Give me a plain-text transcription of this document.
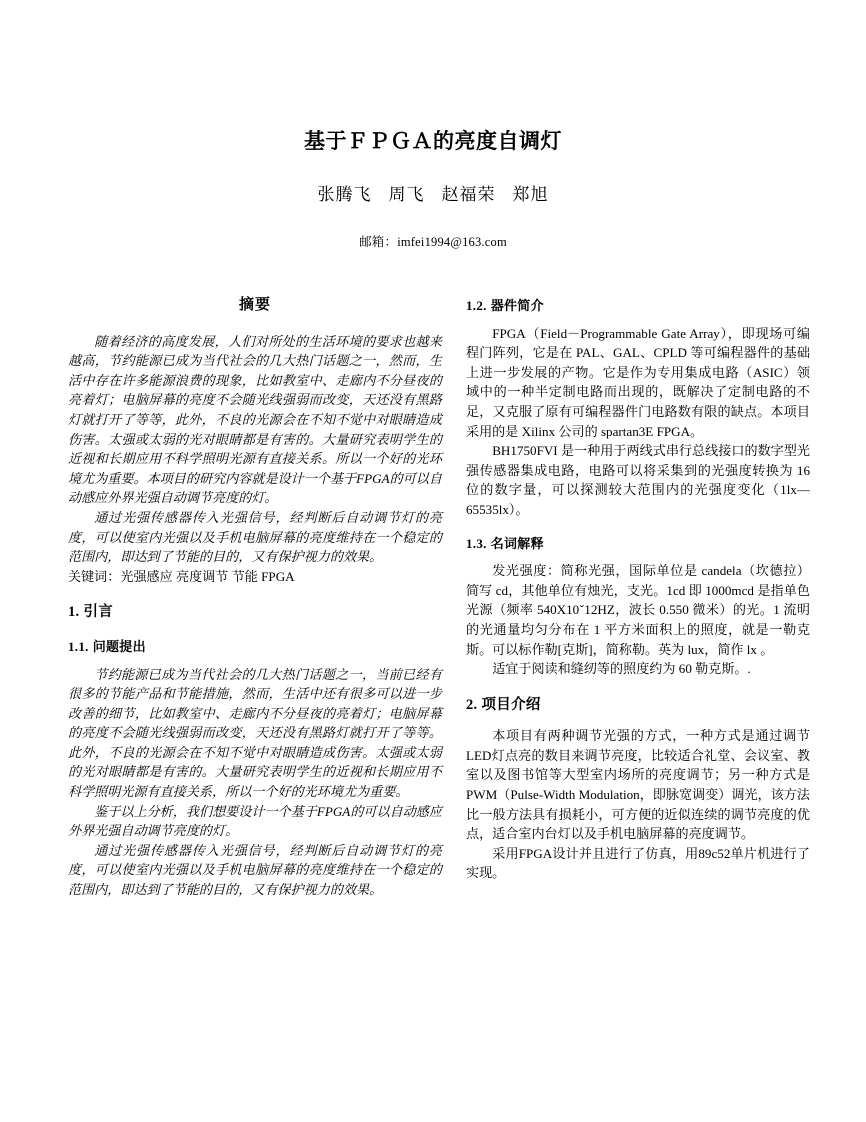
基于ＦＰＧＡ的亮度自调灯
张腾飞 周飞 赵福荣 郑旭
邮箱：imfei1994@163.com
摘要

随着经济的高度发展，人们对所处的生活环境的要求也越来越高，节约能源已成为当代社会的几大热门话题之一，然而，生活中存在许多能源浪费的现象，比如教室中、走廊内不分昼夜的亮着灯；电脑屏幕的亮度不会随光线强弱而改变，天还没有黑路灯就打开了等等，此外，不良的光源会在不知不觉中对眼睛造成伤害。太强或太弱的光对眼睛都是有害的。大量研究表明学生的近视和长期应用不科学照明光源有直接关系。所以一个好的光环境尤为重要。本项目的研究内容就是设计一个基于FPGA的可以自动感应外界光强自动调节亮度的灯。

通过光强传感器传入光强信号，经判断后自动调节灯的亮度，可以使室内光强以及手机电脑屏幕的亮度维持在一个稳定的范围内，即达到了节能的目的，又有保护视力的效果。

关键词：光强感应 亮度调节 节能 FPGA

1. 引言
1.1. 问题提出

节约能源已成为当代社会的几大热门话题之一，当前已经有很多的节能产品和节能措施，然而，生活中还有很多可以进一步改善的细节，比如教室中、走廊内不分昼夜的亮着灯；电脑屏幕的亮度不会随光线强弱而改变，天还没有黑路灯就打开了等等。此外，不良的光源会在不知不觉中对眼睛造成伤害。太强或太弱的光对眼睛都是有害的。大量研究表明学生的近视和长期应用不科学照明光源有直接关系，所以一个好的光环境尤为重要。

鉴于以上分析，我们想要设计一个基于FPGA的可以自动感应外界光强自动调节亮度的灯。

通过光强传感器传入光强信号，经判断后自动调节灯的亮度，可以使室内光强以及手机电脑屏幕的亮度维持在一个稳定的范围内，即达到了节能的目的，又有保护视力的效果。

1.2. 器件简介

FPGA（Field－Programmable Gate Array），即现场可编程门阵列，它是在 PAL、GAL、CPLD 等可编程器件的基础上进一步发展的产物。它是作为专用集成电路（ASIC）领域中的一种半定制电路而出现的，既解决了定制电路的不足，又克服了原有可编程器件门电路数有限的缺点。本项目采用的是 Xilinx 公司的 spartan3E FPGA。

BH1750FVI 是一种用于两线式串行总线接口的数字型光强传感器集成电路，电路可以将采集到的光强度转换为 16 位的数字量，可以探测较大范围内的光强度变化（1lx—65535lx）。

1.3. 名词解释

发光强度：简称光强，国际单位是 candela（坎德拉）简写 cd，其他单位有烛光，支光。1cd 即 1000mcd 是指单色光源（频率 540X10ˇ12HZ，波长 0.550 微米）的光。1 流明的光通量均匀分布在 1 平方米面积上的照度，就是一勒克斯。可以标作勒[克斯]，简称勒。英为 lux，简作 lx 。

适宜于阅读和缝纫等的照度约为 60 勒克斯。.

2. 项目介绍

本项目有两种调节光强的方式，一种方式是通过调节LED灯点亮的数目来调节亮度，比较适合礼堂、会议室、教室以及图书馆等大型室内场所的亮度调节；另一种方式是PWM（Pulse-Width Modulation，即脉宽调变）调光，该方法比一般方法具有损耗小，可方便的近似连续的调节亮度的优点，适合室内台灯以及手机电脑屏幕的亮度调节。

采用FPGA设计并且进行了仿真，用89c52单片机进行了实现。
